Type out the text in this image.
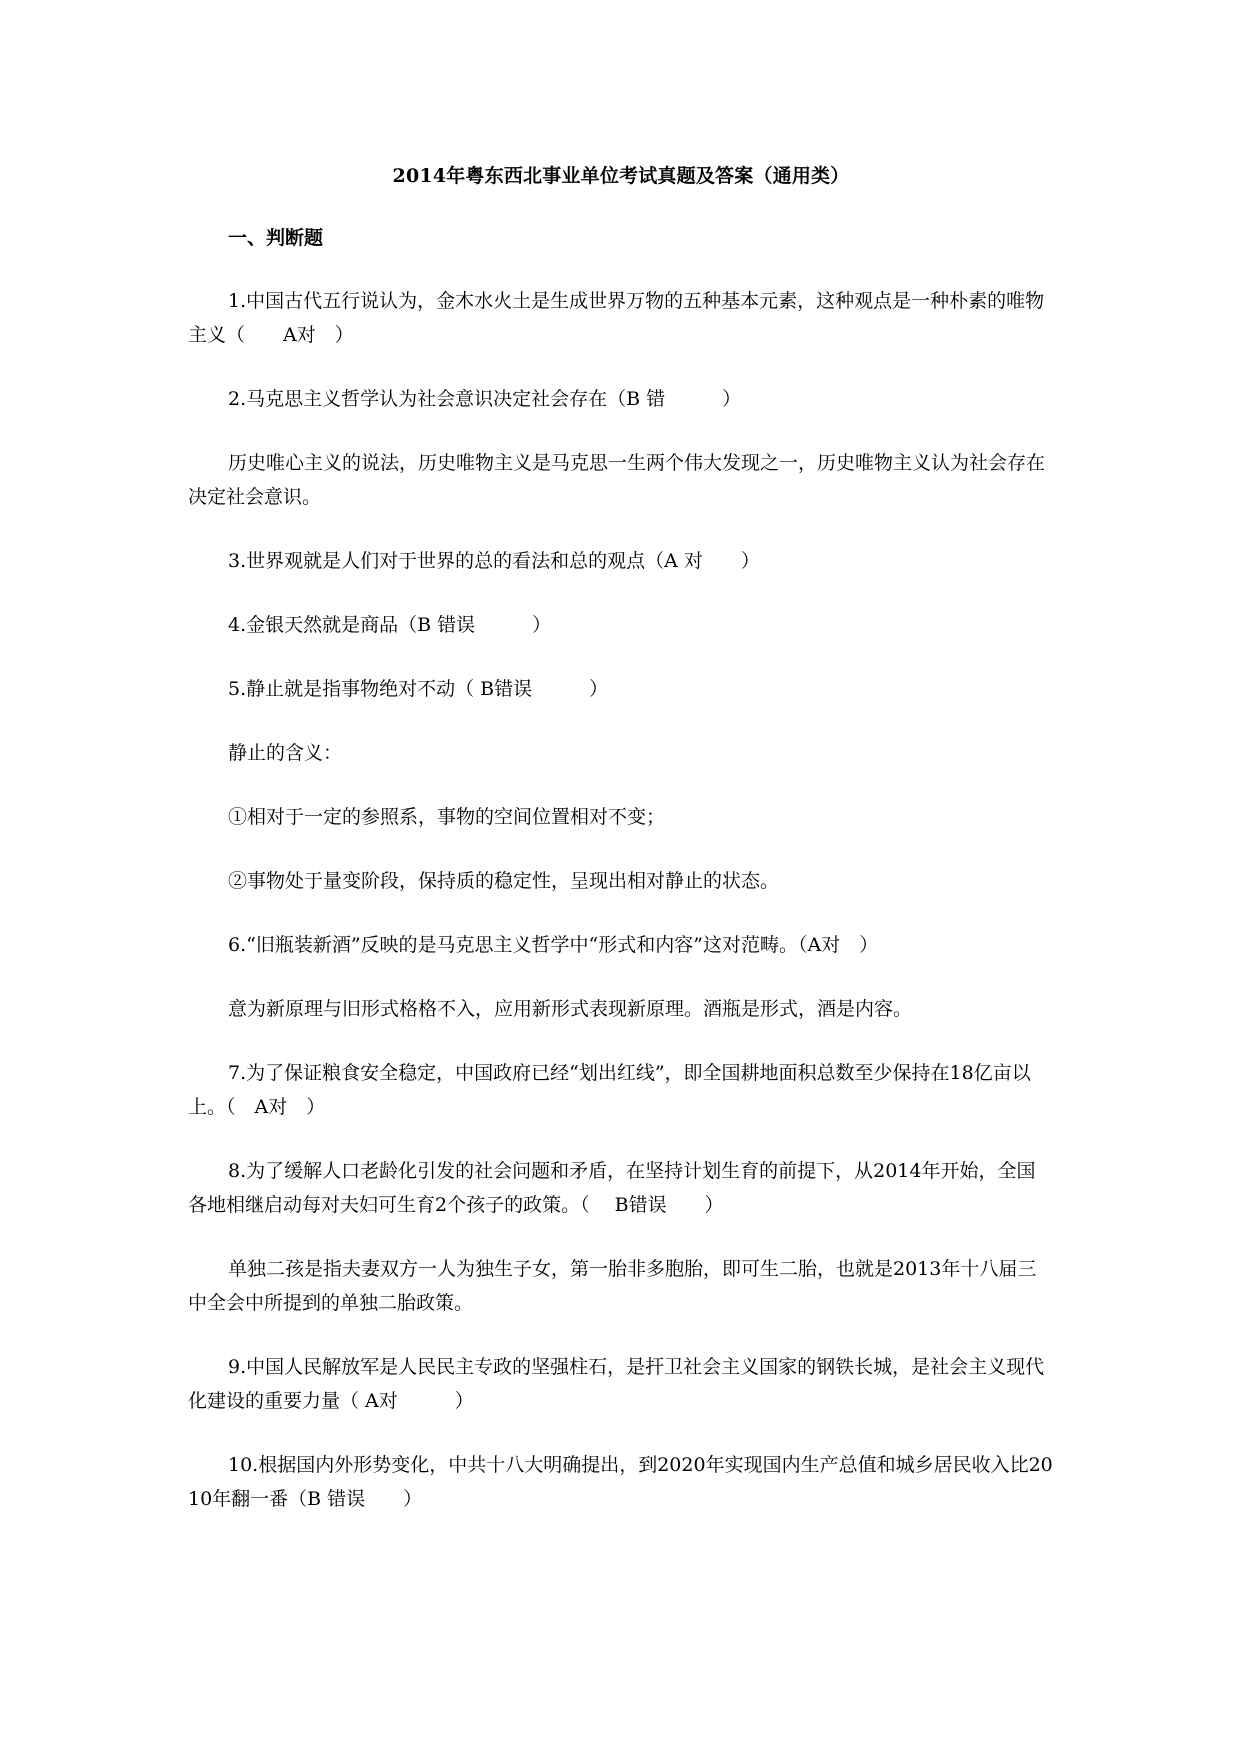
2014年粤东西北事业单位考试真题及答案（通用类）
一、判断题

1.中国古代五行说认为，金木水火土是生成世界万物的五种基本元素，这种观点是一种朴素的唯物主义（　　A对　）

2.马克思主义哲学认为社会意识决定社会存在（B 错　　　）

历史唯心主义的说法，历史唯物主义是马克思一生两个伟大发现之一，历史唯物主义认为社会存在决定社会意识。

3.世界观就是人们对于世界的总的看法和总的观点（A 对　　）

4.金银天然就是商品（B 错误　　　）

5.静止就是指事物绝对不动（ B错误　　　）

静止的含义：

①相对于一定的参照系，事物的空间位置相对不变；

②事物处于量变阶段，保持质的稳定性，呈现出相对静止的状态。

6.“旧瓶装新酒”反映的是马克思主义哲学中“形式和内容”这对范畴。（A对　）

意为新原理与旧形式格格不入，应用新形式表现新原理。酒瓶是形式，酒是内容。

7.为了保证粮食安全稳定，中国政府已经“划出红线”，即全国耕地面积总数至少保持在18亿亩以上。（　A对　）

8.为了缓解人口老龄化引发的社会问题和矛盾，在坚持计划生育的前提下，从2014年开始，全国各地相继启动每对夫妇可生育2个孩子的政策。（　 B错误　　）

单独二孩是指夫妻双方一人为独生子女，第一胎非多胞胎，即可生二胎，也就是2013年十八届三中全会中所提到的单独二胎政策。

9.中国人民解放军是人民民主专政的坚强柱石，是扞卫社会主义国家的钢铁长城，是社会主义现代化建设的重要力量（ A对　　　）

10.根据国内外形势变化，中共十八大明确提出，到2020年实现国内生产总值和城乡居民收入比2010年翻一番（B 错误　　）
